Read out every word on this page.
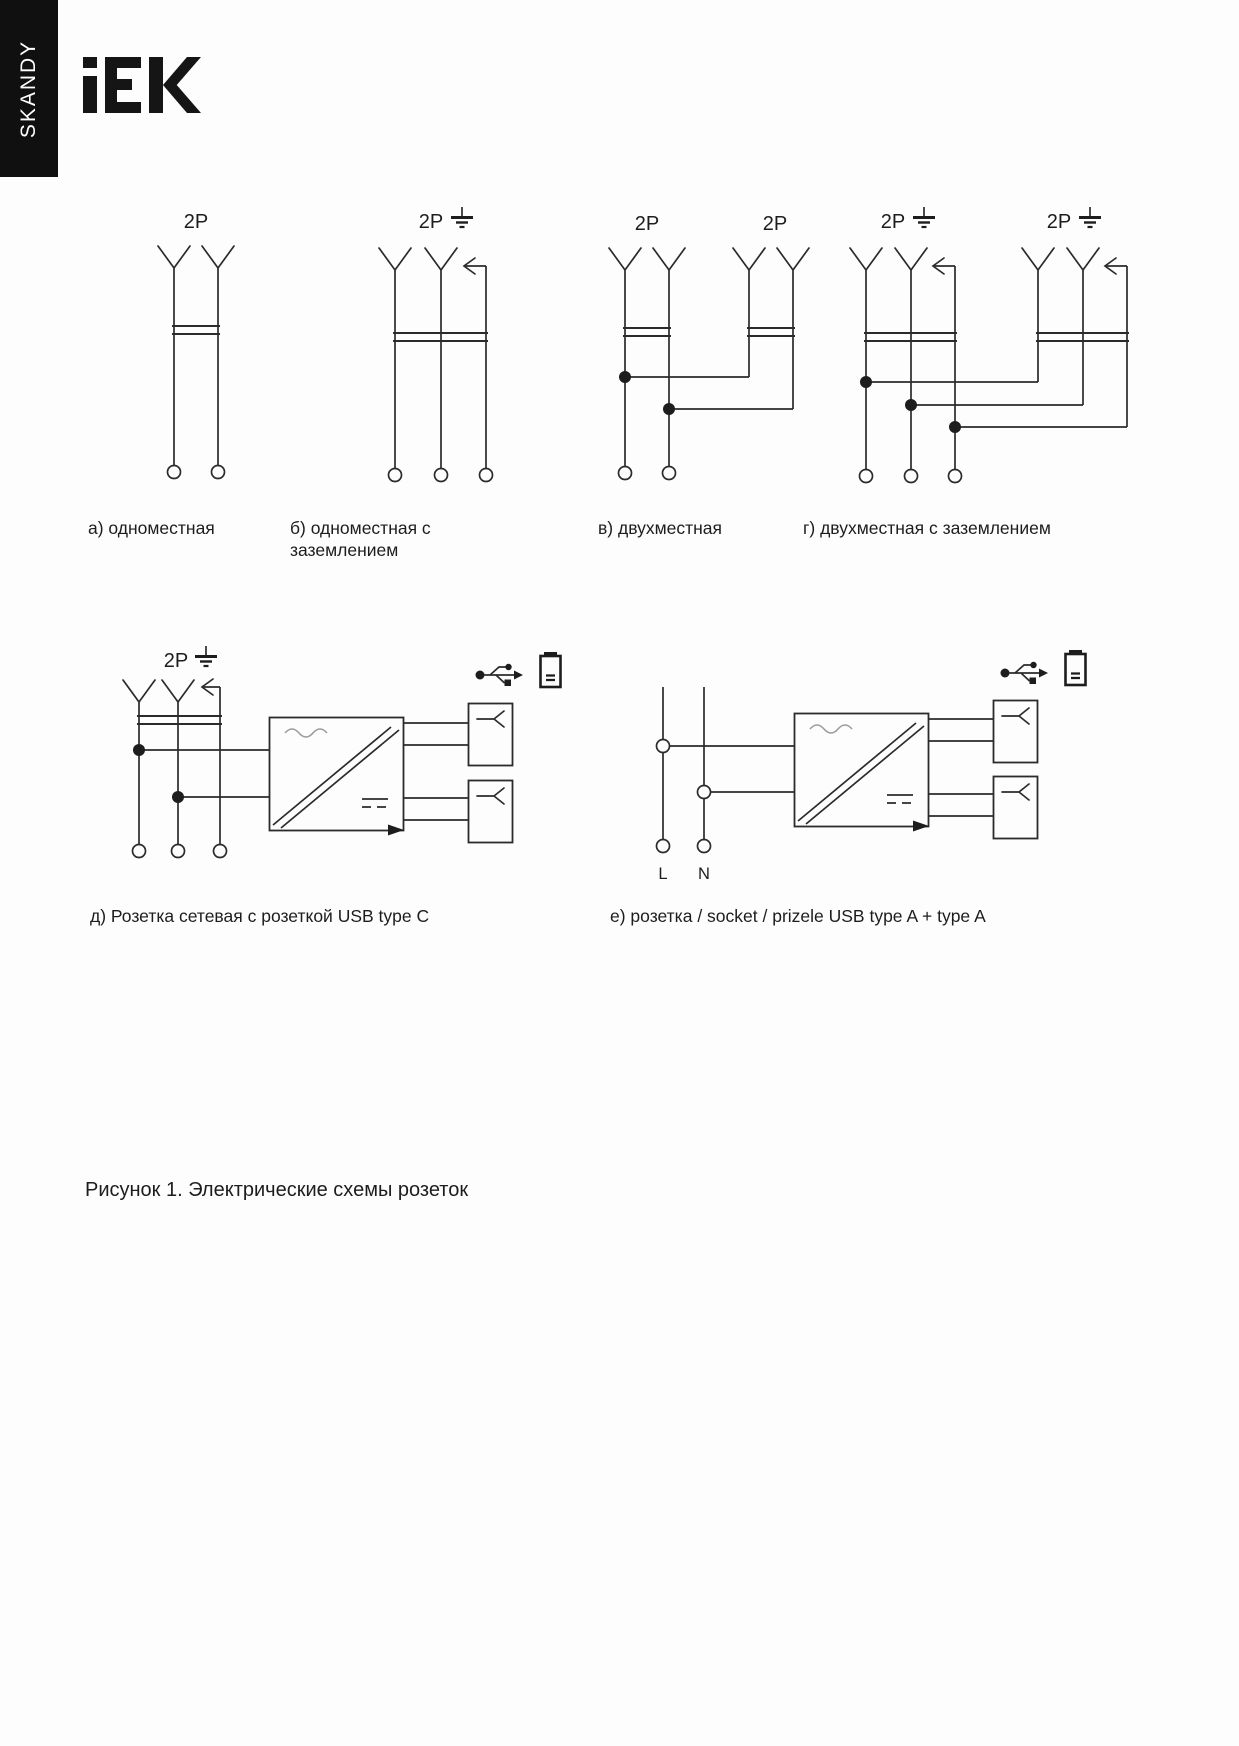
SKANDY
2P
а) одноместная
2P
б) одноместная с
заземлением
2P	2P
в) двухместная
2P	2P
г) двухместная с заземлением
2P
д) Розетка сетевая с розеткой USB type C
L N
е) розетка / socket / prizele USB type A + type A
Рисунок 1. Электрические схемы розеток
